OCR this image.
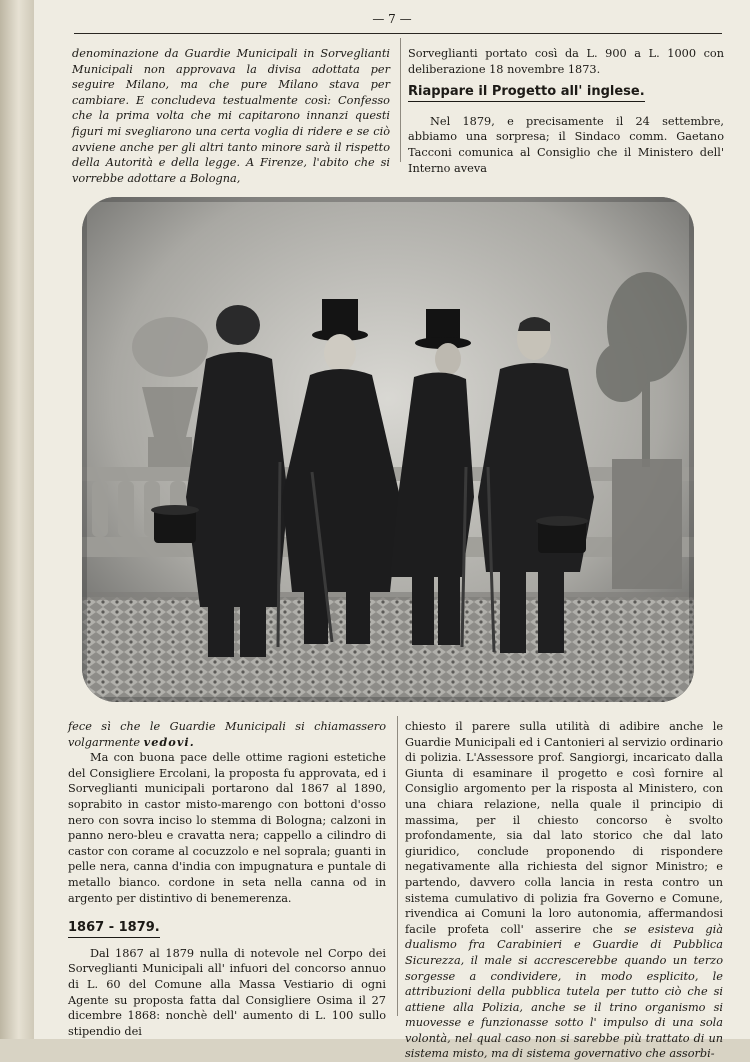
— 7 —

denominazione da Guardie Municipali in Sorveglianti Municipali non approvava la divisa adottata per seguire Milano, ma che pure Milano stava per cambiare. E concludeva testualmente così: Confesso che la prima volta che mi capitarono innanzi questi figuri mi svegliarono una certa voglia di ridere e se ciò avviene anche per gli altri tanto minore sarà il rispetto della Autorità e della legge. A Firenze, l'abito che si vorrebbe adottare a Bologna,

Sorveglianti portato così da L. 900 a L. 1000 con deliberazione 18 novembre 1873.

Riappare il Progetto all' inglese.

Nel 1879, e precisamente il 24 settembre, abbiamo una sorpresa; il Sindaco comm. Gaetano Tacconi comunica al Consiglio che il Ministero dell' Interno aveva

fece sì che le Guardie Municipali si chiamassero volgarmente vedovi.

Ma con buona pace delle ottime ragioni estetiche del Consigliere Ercolani, la proposta fu approvata, ed i Sorveglianti municipali portarono dal 1867 al 1890, soprabito in castor misto-marengo con bottoni d'osso nero con sovra inciso lo stemma di Bologna; calzoni in panno nero-bleu e cravatta nera; cappello a cilindro di castor con corame al cocuzzolo e nel soprala; guanti in pelle nera, canna d'india con impugnatura e puntale di metallo bianco. cordone in seta nella canna od in argento per distintivo di benemerenza.

1867 - 1879.

Dal 1867 al 1879 nulla di notevole nel Corpo dei Sorveglianti Municipali all' infuori del concorso annuo di L. 60 del Comune alla Massa Vestiario di ogni Agente su proposta fatta dal Consigliere Osima il 27 dicembre 1868: nonchè dell' aumento di L. 100 sullo stipendio dei

chiesto il parere sulla utilità di adibire anche le Guardie Municipali ed i Cantonieri al servizio ordinario di polizia. L'Assessore prof. Sangiorgi, incaricato dalla Giunta di esaminare il progetto e così fornire al Consiglio argomento per la risposta al Ministero, con una chiara relazione, nella quale il principio di massima, per il chiesto concorso è svolto profondamente, sia dal lato storico che dal lato giuridico, conclude proponendo di rispondere negativamente alla richiesta del signor Ministro; e partendo, davvero colla lancia in resta contro un sistema cumulativo di polizia fra Governo e Comune, rivendica ai Comuni la loro autonomia, affermandosi facile profeta coll' asserire che se esisteva già dualismo fra Carabinieri e Guardie di Pubblica Sicurezza, il male si accrescerebbe quando un terzo sorgesse a condividere, in modo esplicito, le attribuzioni della pubblica tutela per tutto ciò che si attiene alla Polizia, anche se il trino organismo si muovesse e funzionasse sotto l' impulso di una sola volontà, nel qual caso non si sarebbe più trattato di un sistema misto, ma di sistema governativo che assorbi-
